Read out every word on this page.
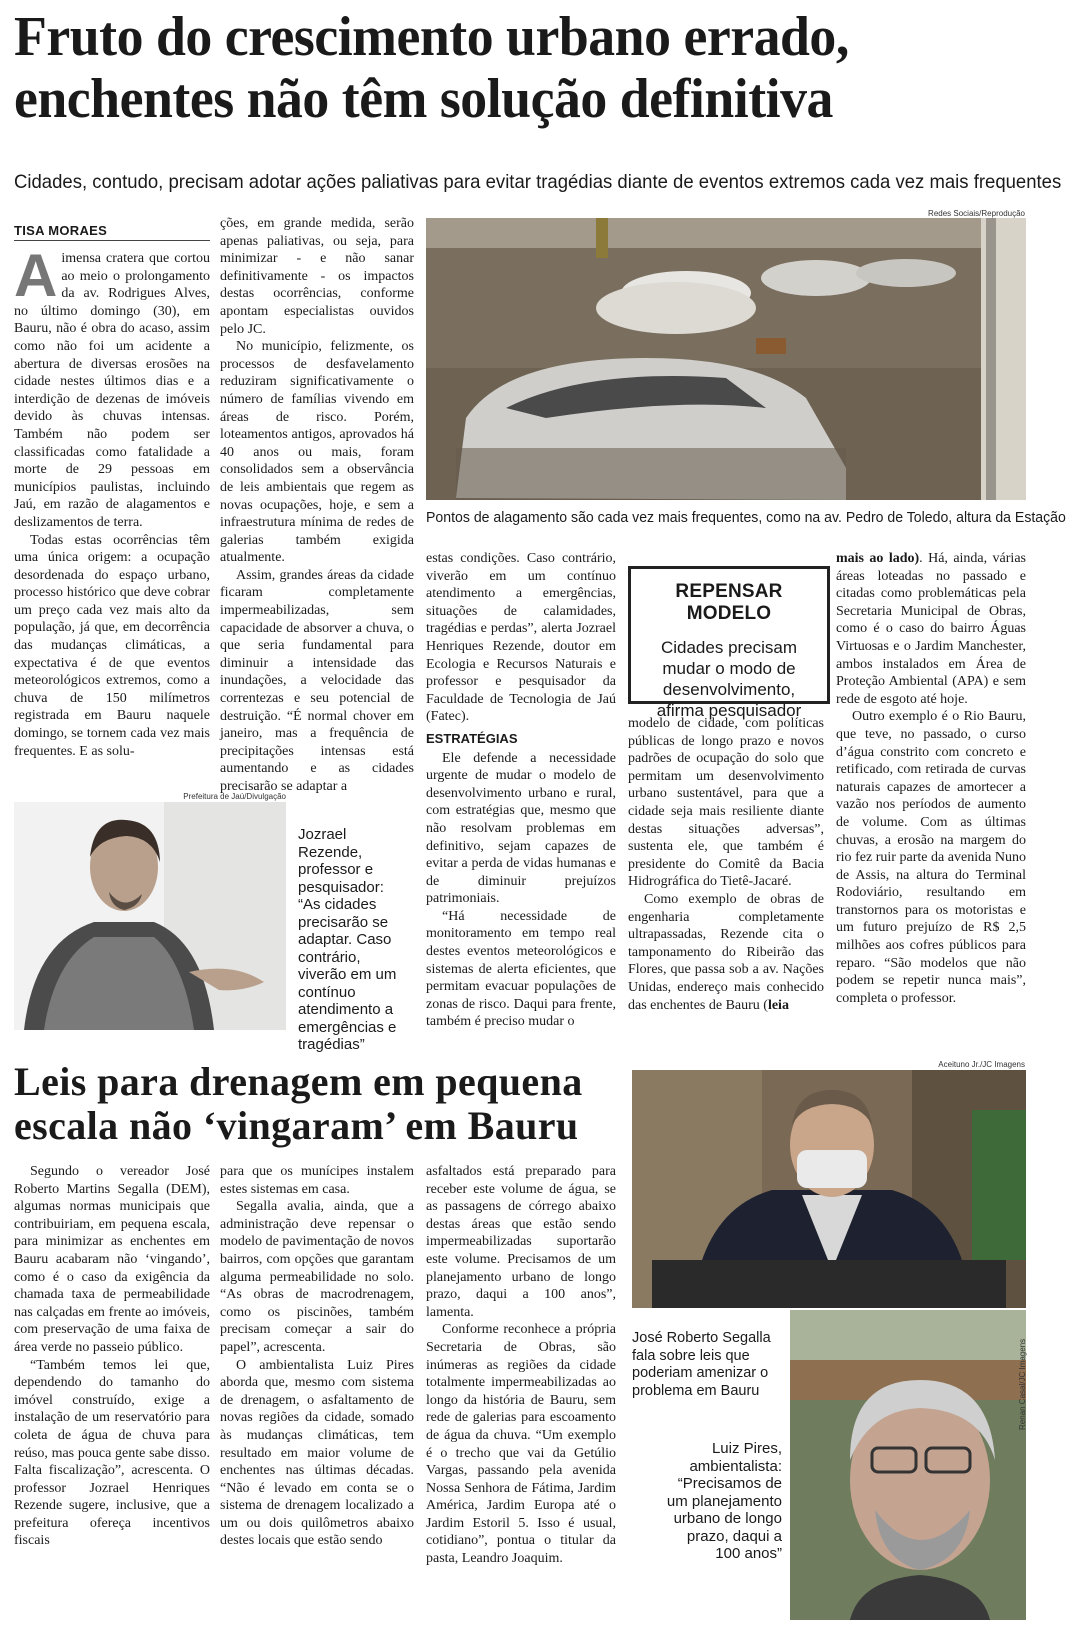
Fruto do crescimento urbano errado,
enchentes não têm solução definitiva
Cidades, contudo, precisam adotar ações paliativas para evitar tragédias diante de eventos extremos cada vez mais frequentes
TISA MORAES
A imensa cratera que cortou ao meio o prolongamento da av. Rodrigues Alves, no último domingo (30), em Bauru, não é obra do acaso, assim como não foi um acidente a abertura de diversas erosões na cidade nestes últimos dias e a interdição de dezenas de imóveis devido às chuvas intensas. Também não podem ser classificadas como fatalidade a morte de 29 pessoas em municípios paulistas, incluindo Jaú, em razão de alagamentos e deslizamentos de terra.

Todas estas ocorrências têm uma única origem: a ocupação desordenada do espaço urbano, processo histórico que deve cobrar um preço cada vez mais alto da população, já que, em decorrência das mudanças climáticas, a expectativa é de que eventos meteorológicos extremos, como a chuva de 150 milímetros registrada em Bauru naquele domingo, se tornem cada vez mais frequentes. E as solu-

ções, em grande medida, serão apenas paliativas, ou seja, para minimizar - e não sanar definitivamente - os impactos destas ocorrências, conforme apontam especialistas ouvidos pelo JC.

No município, felizmente, os processos de desfavelamento reduziram significativamente o número de famílias vivendo em áreas de risco. Porém, loteamentos antigos, aprovados há 40 anos ou mais, foram consolidados sem a observância de leis ambientais que regem as novas ocupações, hoje, e sem a infraestrutura mínima de redes de galerias também exigida atualmente.

Assim, grandes áreas da cidade ficaram completamente impermeabilizadas, sem capacidade de absorver a chuva, o que seria fundamental para diminuir a intensidade das inundações, a velocidade das correntezas e seu potencial de destruição. “É normal chover em janeiro, mas a frequência de precipitações intensas está aumentando e as cidades precisarão se adaptar a

Redes Sociais/Reprodução
Pontos de alagamento são cada vez mais frequentes, como na av. Pedro de Toledo, altura da Estação

estas condições. Caso contrário, viverão em um contínuo atendimento a emergências, situações de calamidades, tragédias e perdas”, alerta Jozrael Henriques Rezende, doutor em Ecologia e Recursos Naturais e professor e pesquisador da Faculdade de Tecnologia de Jaú (Fatec).

ESTRATÉGIAS

Ele defende a necessidade urgente de mudar o modelo de desenvolvimento urbano e rural, com estratégias que, mesmo que não resolvam problemas em definitivo, sejam capazes de evitar a perda de vidas humanas e de diminuir prejuízos patrimoniais.

“Há necessidade de monitoramento em tempo real destes eventos meteorológicos e sistemas de alerta eficientes, que permitam evacuar populações de zonas de risco. Daqui para frente, também é preciso mudar o

REPENSAR MODELO
Cidades precisam mudar o modo de desenvolvimento, afirma pesquisador

modelo de cidade, com políticas públicas de longo prazo e novos padrões de ocupação do solo que permitam um desenvolvimento urbano sustentável, para que a cidade seja mais resiliente diante destas situações adversas”, sustenta ele, que também é presidente do Comitê da Bacia Hidrográfica do Tietê-Jacaré.

Como exemplo de obras de engenharia completamente ultrapassadas, Rezende cita o tamponamento do Ribeirão das Flores, que passa sob a av. Nações Unidas, endereço mais conhecido das enchentes de Bauru (leia

mais ao lado). Há, ainda, várias áreas loteadas no passado e citadas como problemáticas pela Secretaria Municipal de Obras, como é o caso do bairro Águas Virtuosas e o Jardim Manchester, ambos instalados em Área de Proteção Ambiental (APA) e sem rede de esgoto até hoje.

Outro exemplo é o Rio Bauru, que teve, no passado, o curso d’água constrito com concreto e retificado, com retirada de curvas naturais capazes de amortecer a vazão nos períodos de aumento de volume. Com as últimas chuvas, a erosão na margem do rio fez ruir parte da avenida Nuno de Assis, na altura do Terminal Rodoviário, resultando em transtornos para os motoristas e um futuro prejuízo de R$ 2,5 milhões aos cofres públicos para reparo. “São modelos que não podem se repetir nunca mais”, completa o professor.

Prefeitura de Jaú/Divulgação
Jozrael Rezende, professor e pesquisador: “As cidades precisarão se adaptar. Caso contrário, viverão em um contínuo atendimento a emergências e tragédias”
Leis para drenagem em pequena
escala não ‘vingaram’ em Bauru

Segundo o vereador José Roberto Martins Segalla (DEM), algumas normas municipais que contribuiriam, em pequena escala, para minimizar as enchentes em Bauru acabaram não ‘vingando’, como é o caso da exigência da chamada taxa de permeabilidade nas calçadas em frente ao imóveis, com preservação de uma faixa de área verde no passeio público.

“Também temos lei que, dependendo do tamanho do imóvel construído, exige a instalação de um reservatório para coleta de água de chuva para reúso, mas pouca gente sabe disso. Falta fiscalização”, acrescenta. O professor Jozrael Henriques Rezende sugere, inclusive, que a prefeitura ofereça incentivos fiscais

para que os munícipes instalem estes sistemas em casa.

Segalla avalia, ainda, que a administração deve repensar o modelo de pavimentação de novos bairros, com opções que garantam alguma permeabilidade no solo. “As obras de macrodrenagem, como os piscinões, também precisam começar a sair do papel”, acrescenta.

O ambientalista Luiz Pires aborda que, mesmo com sistema de drenagem, o asfaltamento de novas regiões da cidade, somado às mudanças climáticas, tem resultado em maior volume de enchentes nas últimas décadas. “Não é levado em conta se o sistema de drenagem localizado a um ou dois quilômetros abaixo destes locais que estão sendo

asfaltados está preparado para receber este volume de água, se as passagens de córrego abaixo destas áreas que estão sendo impermeabilizadas suportarão este volume. Precisamos de um planejamento urbano de longo prazo, daqui a 100 anos”, lamenta.

Conforme reconhece a própria Secretaria de Obras, são inúmeras as regiões da cidade totalmente impermeabilizadas ao longo da história de Bauru, sem rede de galerias para escoamento de água da chuva. “Um exemplo é o trecho que vai da Getúlio Vargas, passando pela avenida Nossa Senhora de Fátima, Jardim América, Jardim Europa até o Jardim Estoril 5. Isso é usual, cotidiano”, pontua o titular da pasta, Leandro Joaquim.

Aceituno Jr./JC Imagens
José Roberto Segalla fala sobre leis que poderiam amenizar o problema em Bauru	Renan Casal/JC Imagens
Luiz Pires, ambientalista: “Precisamos de um planejamento urbano de longo prazo, daqui a 100 anos”
